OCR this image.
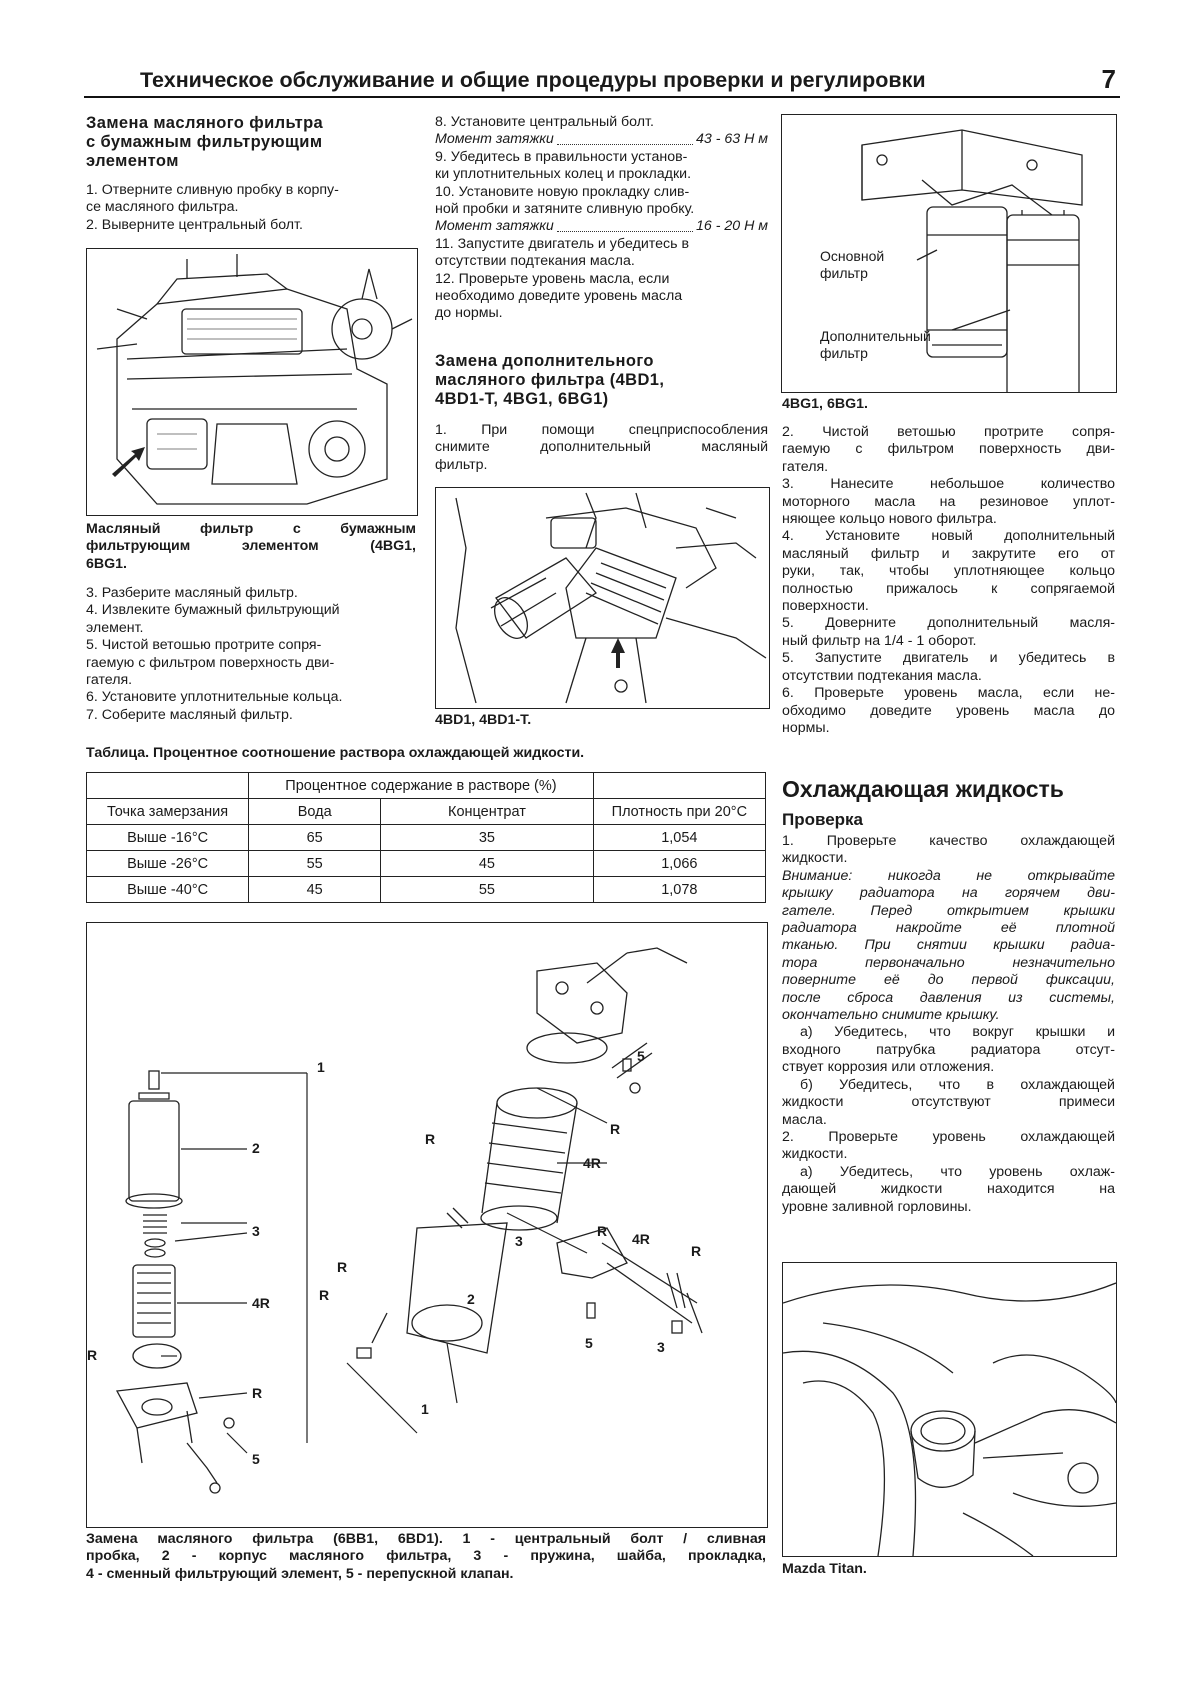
Техническое обслуживание и общие процедуры проверки и регулировки	7
Замена масляного фильтра
с бумажным фильтрующим
элементом

1. Отверните сливную пробку в корпу-

се масляного фильтра.

2. Выверните центральный болт.

Масляный фильтр с бумажным
фильтрующим элементом (4BG1,
6BG1.

3. Разберите масляный фильтр.

4. Извлеките бумажный фильтрующий

элемент.

5. Чистой ветошью протрите сопря-

гаемую с фильтром поверхность дви-

гателя.

6. Установите уплотнительные кольца.

7. Соберите масляный фильтр.

8. Установите центральный болт.

Момент затяжки	43 - 63 Н м

9. Убедитесь в правильности установ-

ки уплотнительных колец и прокладки.

10. Установите новую прокладку слив-

ной пробки и затяните сливную пробку.

Момент затяжки	16 - 20 Н м

11. Запустите двигатель и убедитесь в

отсутствии подтекания масла.

12. Проверьте уровень масла, если

необходимо доведите уровень масла

до нормы.

Замена дополнительного
масляного фильтра (4BD1,
4BD1-T, 4BG1, 6BG1)

1. При помощи спецприспособления

снимите дополнительный масляный

фильтр.

4BD1, 4BD1-T.
Основной
фильтр
Дополнительный
фильтр
4BG1, 6BG1.

2. Чистой ветошью протрите сопря-

гаемую с фильтром поверхность дви-

гателя.

3. Нанесите небольшое количество

моторного масла на резиновое уплот-

няющее кольцо нового фильтра.

4. Установите новый дополнительный

масляный фильтр и закрутите его от

руки, так, чтобы уплотняющее кольцо

полностью прижалось к сопрягаемой

поверхности.

5. Доверните дополнительный масля-

ный фильтр на 1/4 - 1 оборот.

5. Запустите двигатель и убедитесь в

отсутствии подтекания масла.

6. Проверьте уровень масла, если не-

обходимо доведите уровень масла до

нормы.

Охлаждающая жидкость
Проверка

1. Проверьте качество охлаждающей

жидкости.

Внимание: никогда не открывайте

крышку радиатора на горячем дви-

гателе. Перед открытием крышки

радиатора накройте её плотной

тканью. При снятии крышки радиа-

тора первоначально незначительно

поверните её до первой фиксации,

после сброса давления из системы,

окончательно снимите крышку.

а) Убедитесь, что вокруг крышки и

входного патрубка радиатора отсут-

ствует коррозия или отложения.

б) Убедитесь, что в охлаждающей

жидкости отсутствуют примеси

масла.

2. Проверьте уровень охлаждающей

жидкости.

а) Убедитесь, что уровень охлаж-

дающей жидкости находится на

уровне заливной горловины.

Mazda Titan.
Таблица. Процентное соотношение раствора охлаждающей жидкости.
	Процентное содержание в растворе (%)		
Точка замерзания	Вода	Концентрат	Плотность при 20°C
Выше -16°C	65	35	1,054
Выше -26°C	55	45	1,066
Выше -40°C	45	55	1,078
1
2
3
4R
R
R
5
5
R
R
4R
3
2
R
R
1
R 4R
R
5	3
Замена масляного фильтра (6BB1, 6BD1). 1 - центральный болт / сливная
пробка, 2 - корпус масляного фильтра, 3 - пружина, шайба, прокладка,
4 - сменный фильтрующий элемент, 5 - перепускной клапан.
